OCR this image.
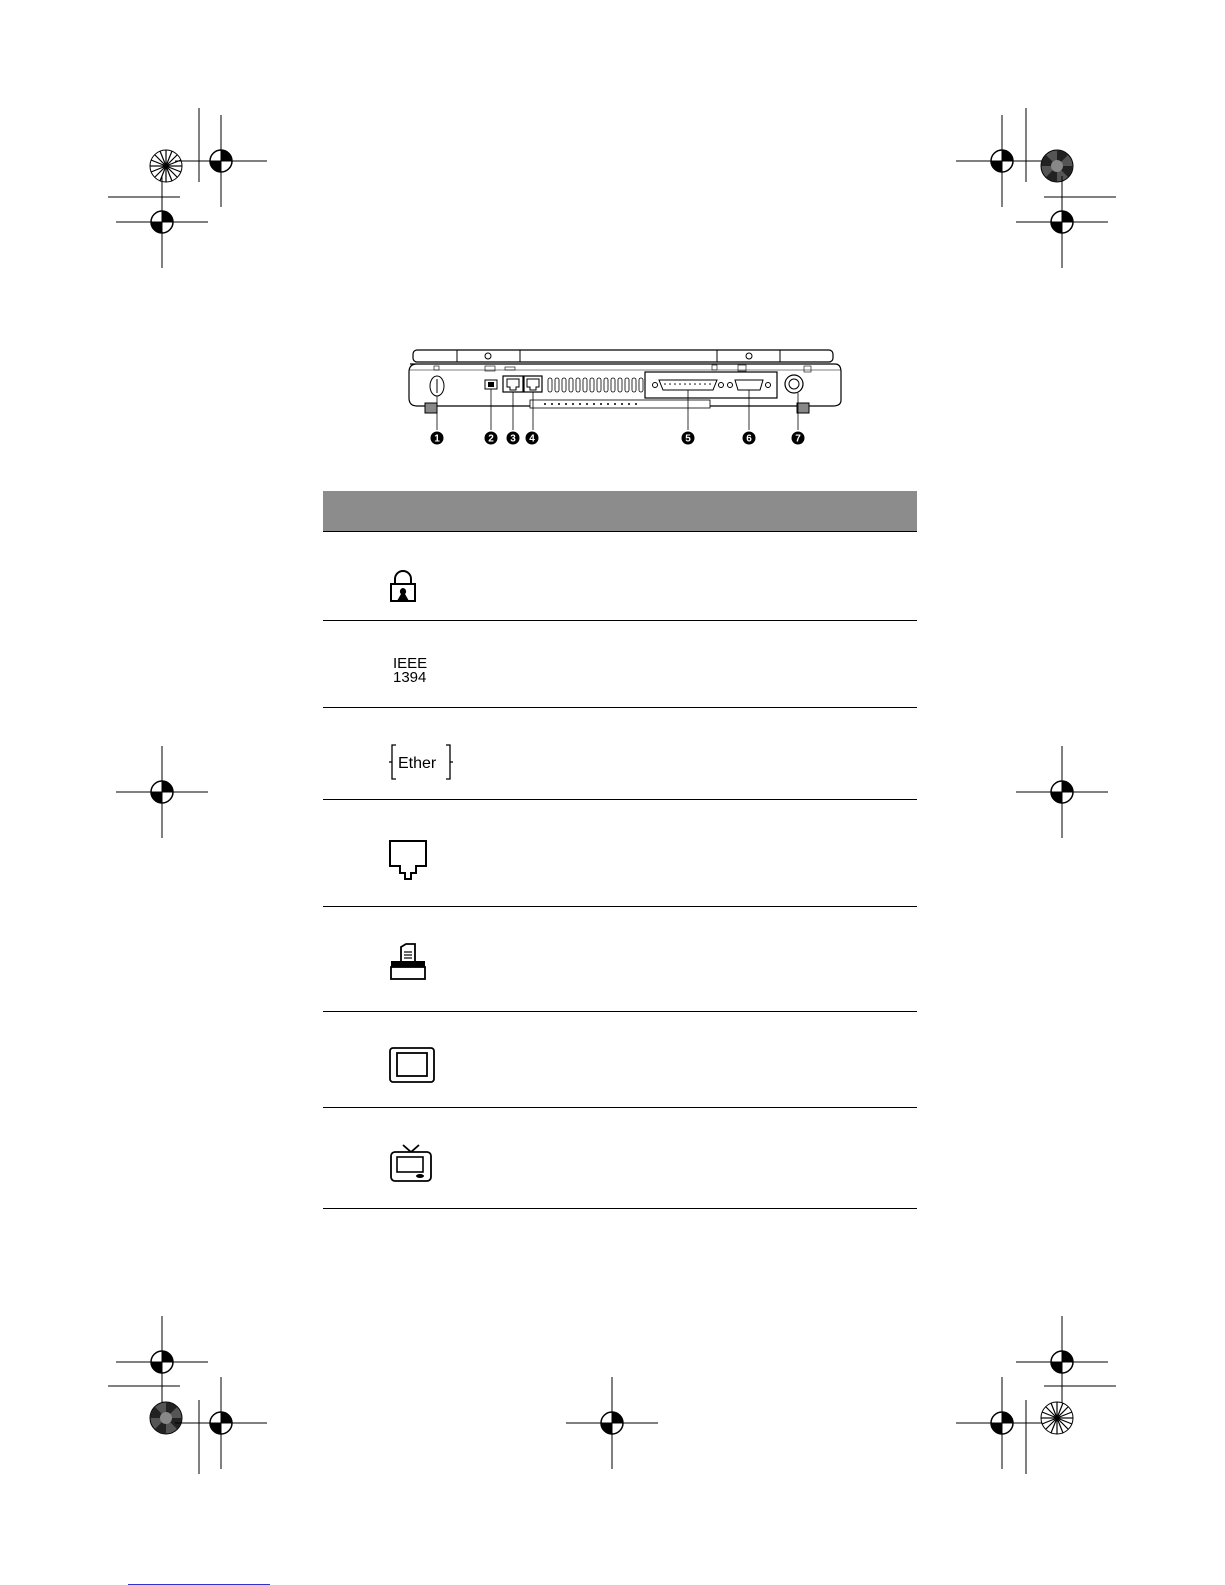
1	2 3 4	5	6	7
IEEE
1394
Ether
